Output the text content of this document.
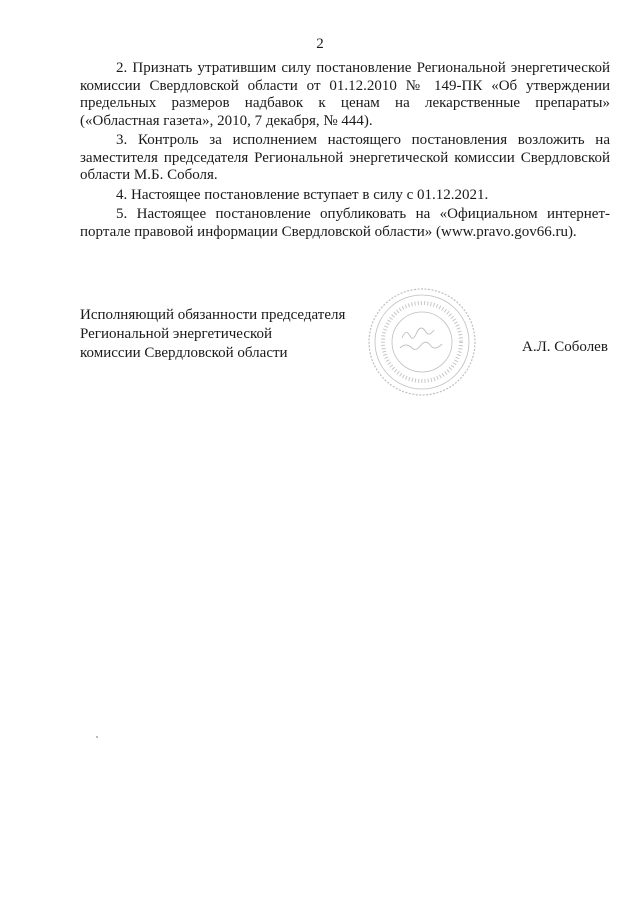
2

2. Признать утратившим силу постановление Региональной энергетической комиссии Свердловской области от 01.12.2010 № 149-ПК «Об утверждении предельных размеров надбавок к ценам на лекарственные препараты» («Областная газета», 2010, 7 декабря, № 444).

3. Контроль за исполнением настоящего постановления возложить на заместителя председателя Региональной энергетической комиссии Свердловской области М.Б. Соболя.

4. Настоящее постановление вступает в силу с 01.12.2021.

5. Настоящее постановление опубликовать на «Официальном интернет-портале правовой информации Свердловской области» (www.pravo.gov66.ru).

Исполняющий обязанности председателя
Региональной энергетической
комиссии Свердловской области	А.Л. Соболев
